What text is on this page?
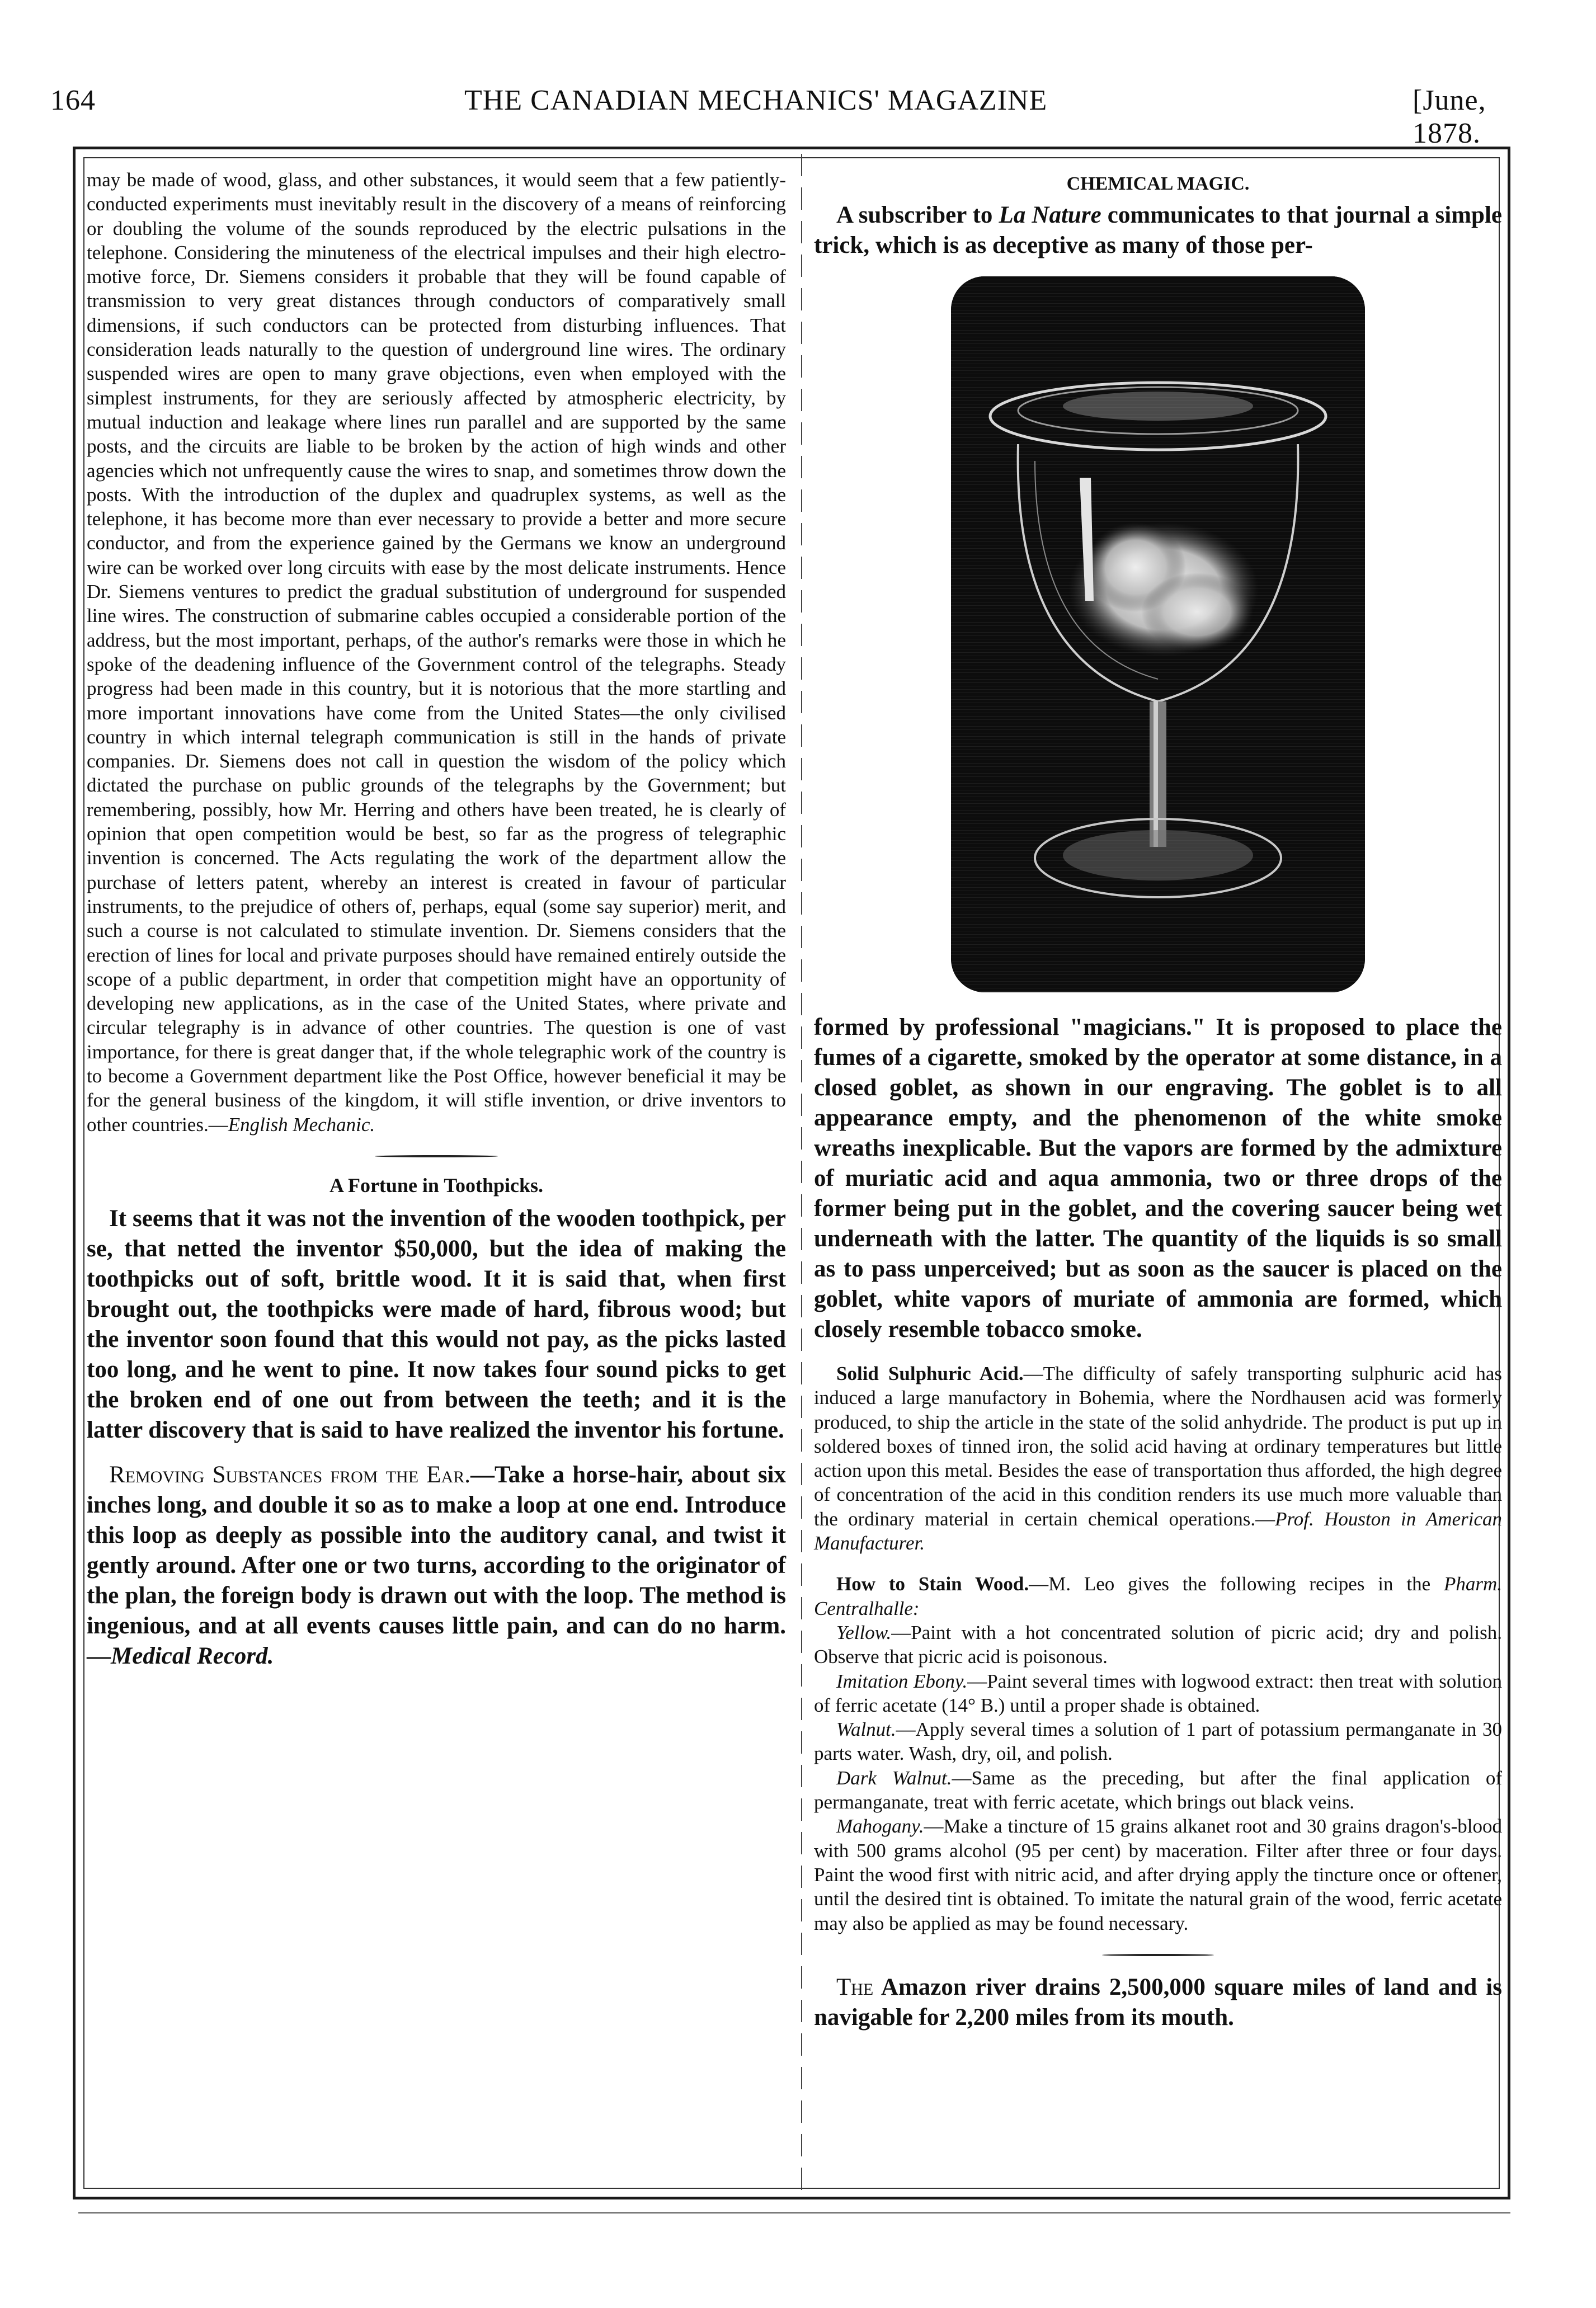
164	THE CANADIAN MECHANICS' MAGAZINE	[June, 1878.

may be made of wood, glass, and other substances, it would seem that a few patiently-conducted experiments must inevitably result in the discovery of a means of reinforcing or doubling the volume of the sounds reproduced by the electric pulsations in the telephone. Considering the minuteness of the electrical impulses and their high electro-motive force, Dr. Siemens considers it probable that they will be found capable of transmission to very great distances through conductors of comparatively small dimensions, if such conductors can be protected from disturbing influences. That consideration leads naturally to the question of underground line wires. The ordinary suspended wires are open to many grave objections, even when employed with the simplest instruments, for they are seriously affected by atmospheric electricity, by mutual induction and leakage where lines run parallel and are supported by the same posts, and the circuits are liable to be broken by the action of high winds and other agencies which not unfrequently cause the wires to snap, and sometimes throw down the posts. With the introduction of the duplex and quadruplex systems, as well as the telephone, it has become more than ever necessary to provide a better and more secure conductor, and from the experience gained by the Germans we know an underground wire can be worked over long circuits with ease by the most delicate instruments. Hence Dr. Siemens ventures to predict the gradual substitution of underground for suspended line wires. The construction of submarine cables occupied a considerable portion of the address, but the most important, perhaps, of the author's remarks were those in which he spoke of the deadening influence of the Government control of the telegraphs. Steady progress had been made in this country, but it is notorious that the more startling and more important innovations have come from the United States—the only civilised country in which internal telegraph communication is still in the hands of private companies. Dr. Siemens does not call in question the wisdom of the policy which dictated the purchase on public grounds of the telegraphs by the Government; but remembering, possibly, how Mr. Herring and others have been treated, he is clearly of opinion that open competition would be best, so far as the progress of telegraphic invention is concerned. The Acts regulating the work of the department allow the purchase of letters patent, whereby an interest is created in favour of particular instruments, to the prejudice of others of, perhaps, equal (some say superior) merit, and such a course is not calculated to stimulate invention. Dr. Siemens considers that the erection of lines for local and private purposes should have remained entirely outside the scope of a public department, in order that competition might have an opportunity of developing new applications, as in the case of the United States, where private and circular telegraphy is in advance of other countries. The question is one of vast importance, for there is great danger that, if the whole telegraphic work of the country is to become a Government department like the Post Office, however beneficial it may be for the general business of the kingdom, it will stifle invention, or drive inventors to other countries.—English Mechanic.

A Fortune in Toothpicks.

It seems that it was not the invention of the wooden toothpick, per se, that netted the inventor $50,000, but the idea of making the toothpicks out of soft, brittle wood. It it is said that, when first brought out, the toothpicks were made of hard, fibrous wood; but the inventor soon found that this would not pay, as the picks lasted too long, and he went to pine. It now takes four sound picks to get the broken end of one out from between the teeth; and it is the latter discovery that is said to have realized the inventor his fortune.

Removing Substances from the Ear.—Take a horse-hair, about six inches long, and double it so as to make a loop at one end. Introduce this loop as deeply as possible into the auditory canal, and twist it gently around. After one or two turns, according to the originator of the plan, the foreign body is drawn out with the loop. The method is ingenious, and at all events causes little pain, and can do no harm.—Medical Record.

CHEMICAL MAGIC.

A subscriber to La Nature communicates to that journal a simple trick, which is as deceptive as many of those per-

formed by professional "magicians." It is proposed to place the fumes of a cigarette, smoked by the operator at some distance, in a closed goblet, as shown in our engraving. The goblet is to all appearance empty, and the phenomenon of the white smoke wreaths inexplicable. But the vapors are formed by the admixture of muriatic acid and aqua ammonia, two or three drops of the former being put in the goblet, and the covering saucer being wet underneath with the latter. The quantity of the liquids is so small as to pass unperceived; but as soon as the saucer is placed on the goblet, white vapors of muriate of ammonia are formed, which closely resemble tobacco smoke.

Solid Sulphuric Acid.—The difficulty of safely transporting sulphuric acid has induced a large manufactory in Bohemia, where the Nordhausen acid was formerly produced, to ship the article in the state of the solid anhydride. The product is put up in soldered boxes of tinned iron, the solid acid having at ordinary temperatures but little action upon this metal. Besides the ease of transportation thus afforded, the high degree of concentration of the acid in this condition renders its use much more valuable than the ordinary material in certain chemical operations.—Prof. Houston in American Manufacturer.

How to Stain Wood.—M. Leo gives the following recipes in the Pharm. Centralhalle:

Yellow.—Paint with a hot concentrated solution of picric acid; dry and polish. Observe that picric acid is poisonous.

Imitation Ebony.—Paint several times with logwood extract: then treat with solution of ferric acetate (14° B.) until a proper shade is obtained.

Walnut.—Apply several times a solution of 1 part of potassium permanganate in 30 parts water. Wash, dry, oil, and polish.

Dark Walnut.—Same as the preceding, but after the final application of permanganate, treat with ferric acetate, which brings out black veins.

Mahogany.—Make a tincture of 15 grains alkanet root and 30 grains dragon's-blood with 500 grams alcohol (95 per cent) by maceration. Filter after three or four days. Paint the wood first with nitric acid, and after drying apply the tincture once or oftener, until the desired tint is obtained. To imitate the natural grain of the wood, ferric acetate may also be applied as may be found necessary.

The Amazon river drains 2,500,000 square miles of land and is navigable for 2,200 miles from its mouth.
